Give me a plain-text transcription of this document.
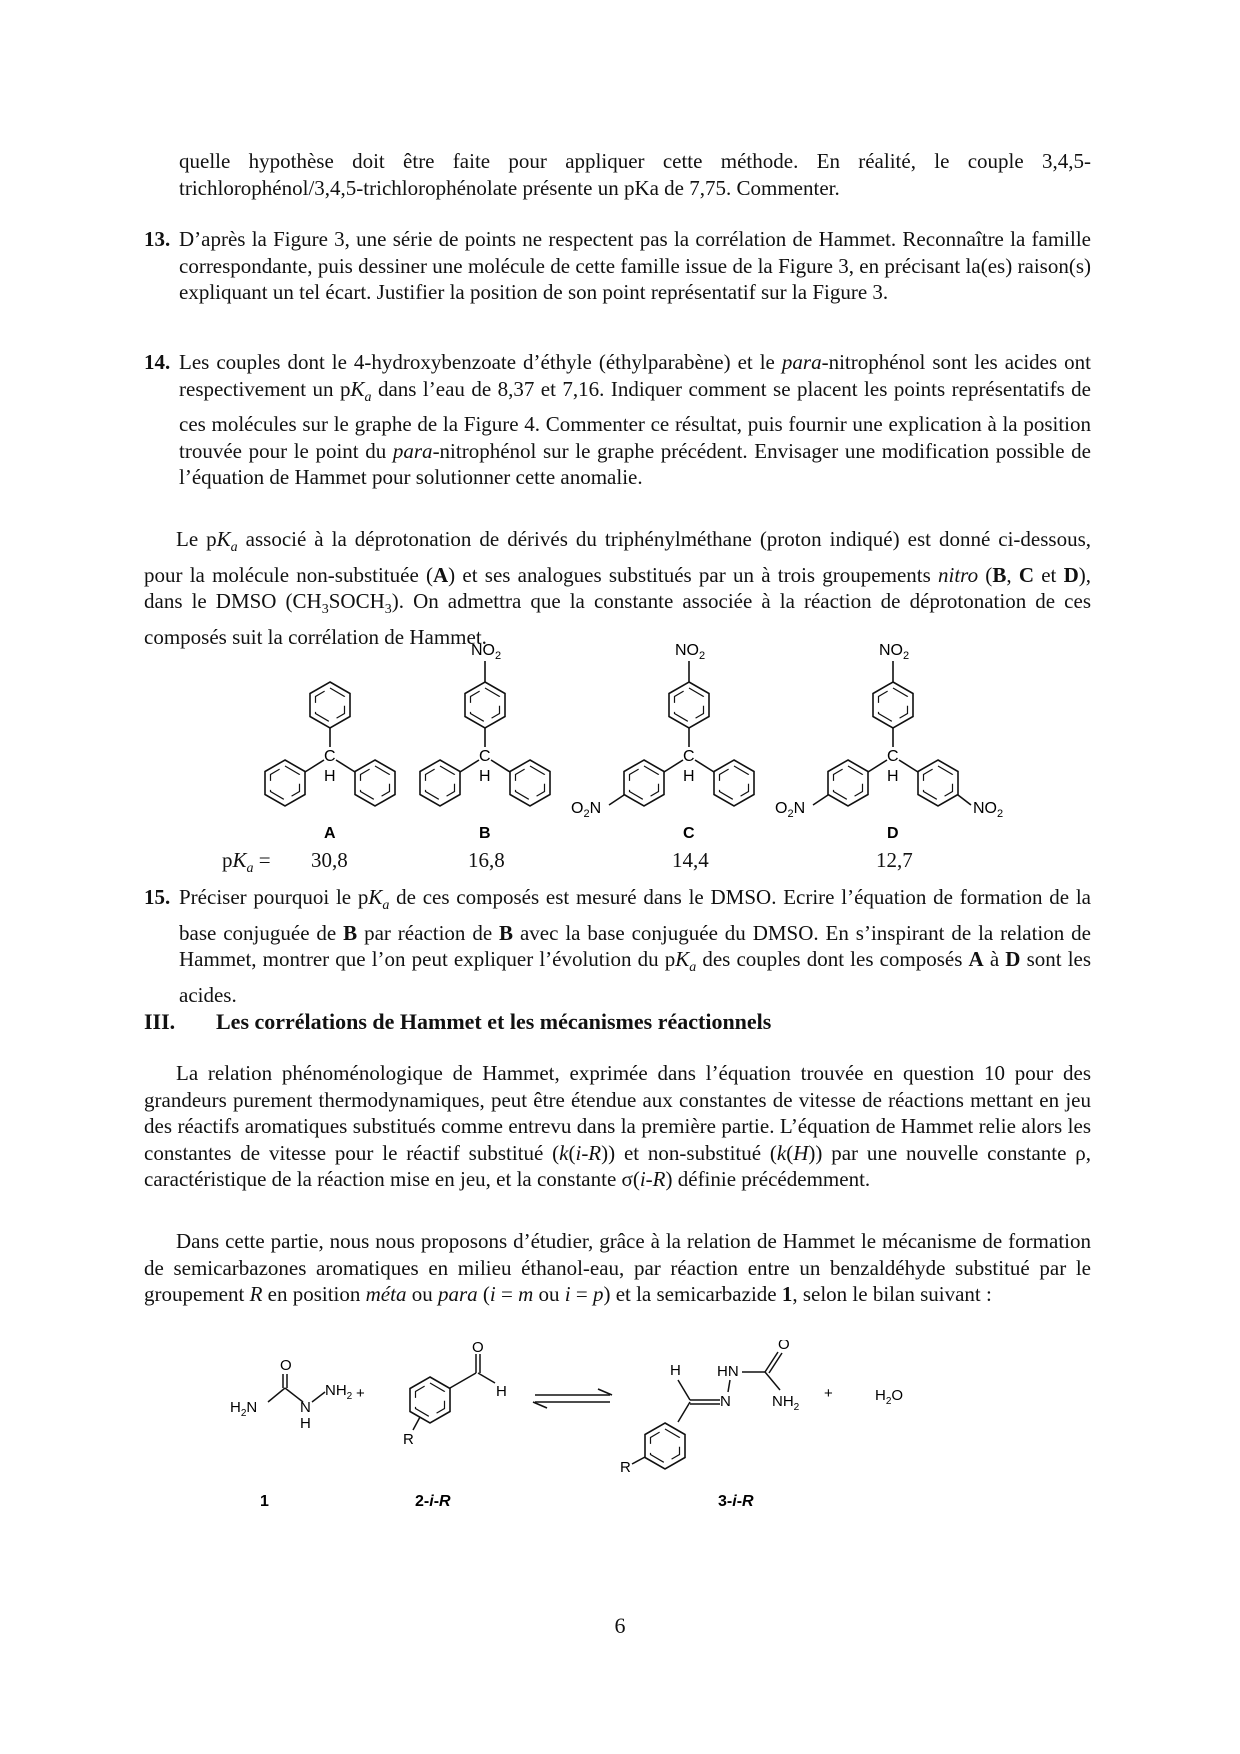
quelle hypothèse doit être faite pour appliquer cette méthode. En réalité, le couple 3,4,5-trichlorophénol/3,4,5-trichlorophénolate présente un pKa de 7,75. Commenter.

13. D’après la Figure 3, une série de points ne respectent pas la corrélation de Hammet. Reconnaître la famille correspondante, puis dessiner une molécule de cette famille issue de la Figure 3, en précisant la(es) raison(s) expliquant un tel écart. Justifier la position de son point représentatif sur la Figure 3.
14. Les couples dont le 4-hydroxybenzoate d’éthyle (éthylparabène) et le para-nitrophénol sont les acides ont respectivement un $pK_a$ dans l’eau de 8,37 et 7,16. Indiquer comment se placent les points représentatifs de ces molécules sur le graphe de la Figure 4. Commenter ce résultat, puis fournir une explication à la position trouvée pour le point du para-nitrophénol sur le graphe précédent. Envisager une modification possible de l’équation de Hammet pour solutionner cette anomalie.

Le $pK_a$ associé à la déprotonation de dérivés du triphénylméthane (proton indiqué) est donné ci-dessous, pour la molécule non-substituée (A) et ses analogues substitués par un à trois groupements nitro (B, C et D), dans le DMSO $(CH_3SOCH_3)$. On admettra que la constante associée à la réaction de déprotonation de ces composés suit la corrélation de Hammet.

C
H
$NO_2$
C
H
$NO_2$
C
H
$O_2N$
$NO_2$
C
H
$O_2N$	$NO_2$
A	B	C	D
$pK_a = 30,8$	16,8	14,4	12,7
15. Préciser pourquoi le $pK_a$ de ces composés est mesuré dans le DMSO. Ecrire l’équation de formation de la base conjuguée de B par réaction de B avec la base conjuguée du DMSO. En s’inspirant de la relation de Hammet, montrer que l’on peut expliquer l’évolution du $pK_a$ des couples dont les composés A à D sont les acides.
III. Les corrélations de Hammet et les mécanismes réactionnels

La relation phénoménologique de Hammet, exprimée dans l’équation trouvée en question 10 pour des grandeurs purement thermodynamiques, peut être étendue aux constantes de vitesse de réactions mettant en jeu des réactifs aromatiques substitués comme entrevu dans la première partie. L’équation de Hammet relie alors les constantes de vitesse pour le réactif substitué (k(i-R)) et non-substitué (k(H)) par une nouvelle constante ρ, caractéristique de la réaction mise en jeu, et la constante σ(i-R) définie précédemment.

Dans cette partie, nous nous proposons d’étudier, grâce à la relation de Hammet le mécanisme de formation de semicarbazones aromatiques en milieu éthanol-eau, par réaction entre un benzaldéhyde substitué par le groupement R en position méta ou para (i = m ou i = p) et la semicarbazide 1, selon le bilan suivant :

O
$H_2N$	N
H
$NH_2$ +
O
H
R
H
N
HN
O
$NH_2$
R
+	$H_2O$
1	2-i-R	3-i-R
6
